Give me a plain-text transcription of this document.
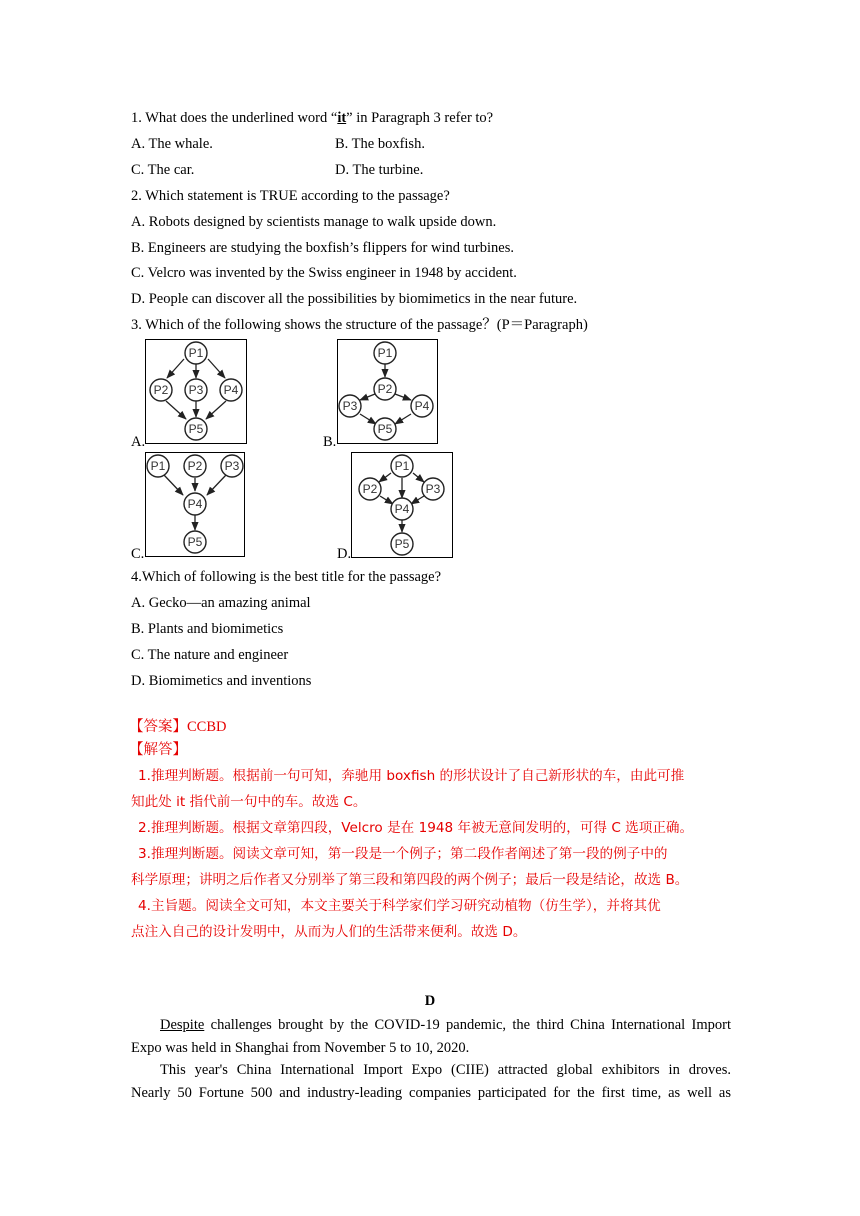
1. What does the underlined word “it” in Paragraph 3 refer to?
A. The whale.	B. The boxfish.
C. The car.	D. The turbine.
2. Which statement is TRUE according to the passage?
A. Robots designed by scientists manage to walk upside down.
B. Engineers are studying the boxfish’s flippers for wind turbines.
C. Velcro was invented by the Swiss engineer in 1948 by accident.
D. People can discover all the possibilities by biomimetics in the near future.
3. Which of the following shows the structure of the passage？(P＝Paragraph)
A.
P1
P2 P3 P4
P5
B.
P1
P2
P3	P4
P5
C.
P1 P2 P3
P4
P5
D.
P1
P2	P3
P4
P5
4.Which of following is the best title for the passage?
A. Gecko—an amazing animal
B. Plants and biomimetics
C. The nature and engineer
D. Biomimetics and inventions
【答案】CCBD
【解答】
1.推理判断题。根据前一句可知，奔驰用 boxfish 的形状设计了自己新形状的车，由此可推
知此处 it 指代前一句中的车。故选 C。
2.推理判断题。根据文章第四段，Velcro 是在 1948 年被无意间发明的，可得 C 选项正确。
3.推理判断题。阅读文章可知，第一段是一个例子；第二段作者阐述了第一段的例子中的
科学原理；讲明之后作者又分别举了第三段和第四段的两个例子；最后一段是结论，故选 B。
4.主旨题。阅读全文可知，本文主要关于科学家们学习研究动植物（仿生学），并将其优
点注入自己的设计发明中，从而为人们的生活带来便利。故选 D。
D
Despite challenges brought by the COVID-19 pandemic, the third China International Import
Expo was held in Shanghai from November 5 to 10, 2020.
This year's China International Import Expo (CIIE) attracted global exhibitors in droves.
Nearly 50 Fortune 500 and industry-leading companies participated for the first time, as well as
